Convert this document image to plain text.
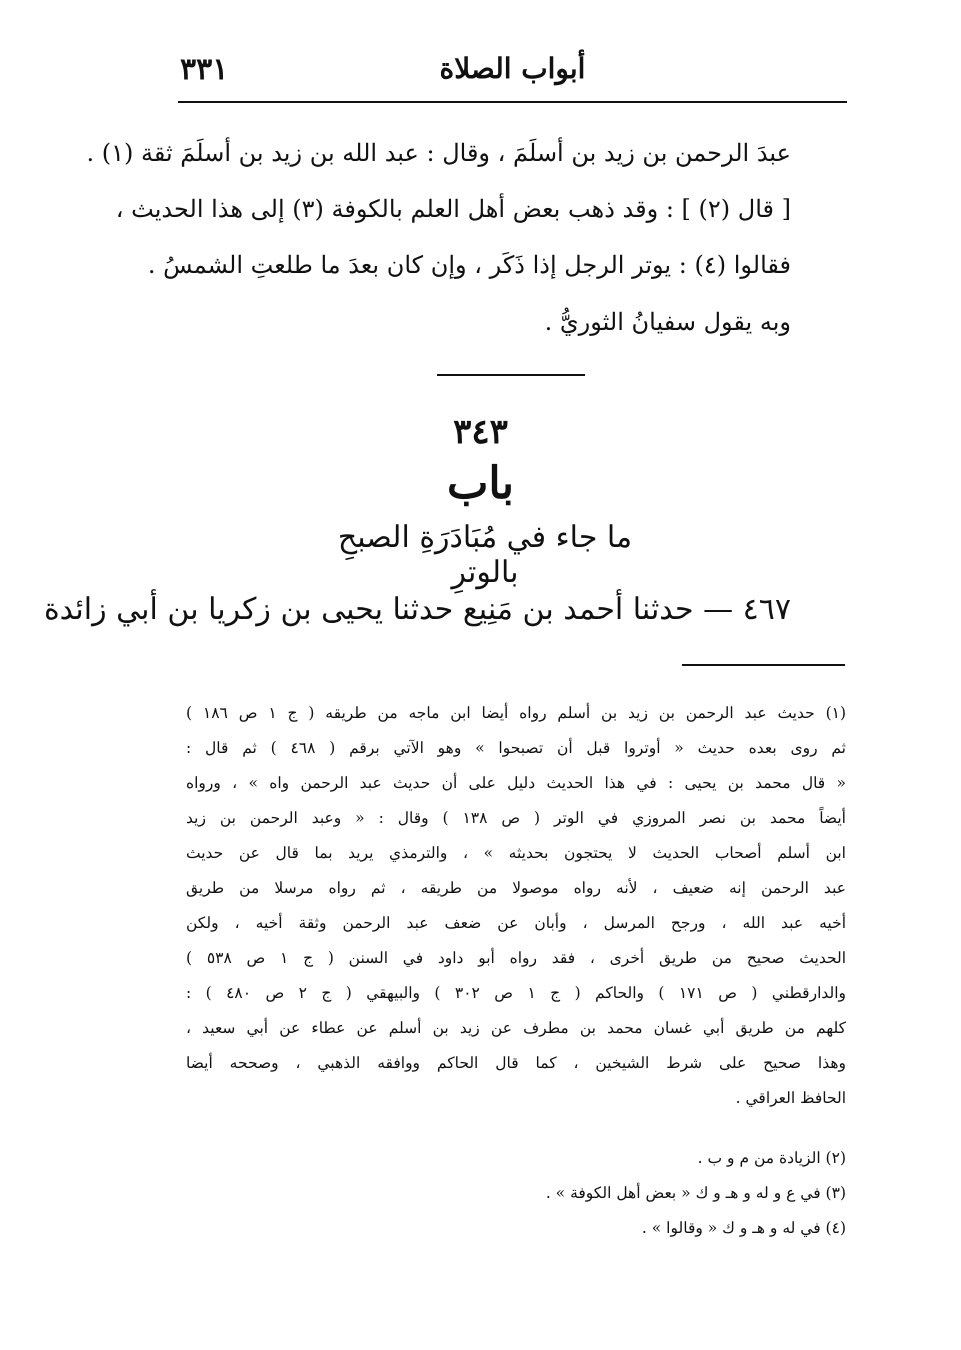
٣٣١	أبواب الصلاة
عبدَ الرحمن بن زيد بن أسلَمَ ، وقال : عبد الله بن زيد بن أسلَمَ ثقة (١) .
[ قال (٢) ] : وقد ذهب بعض أهل العلم بالكوفة (٣) إلى هذا الحديث ،
فقالوا (٤) : يوتر الرجل إذا ذَكَر ، وإن كان بعدَ ما طلعتِ الشمسُ .
وبه يقول سفيانُ الثوريُّ .
٣٤٣
باب
ما جاء في مُبَادَرَةِ الصبحِ بالوترِ
٤٦٧ — حدثنا أحمد بن مَنِيع حدثنا يحيى بن زكريا بن أبي زائدة
(١) حديث عبد الرحمن بن زيد بن أسلم رواه أيضا ابن ماجه من طريقه ( ج ١ ص ١٨٦ )
ثم روى بعده حديث « أوتروا قبل أن تصبحوا » وهو الآتي برقم ( ٤٦٨ ) ثم قال :
« قال محمد بن يحيى : في هذا الحديث دليل على أن حديث عبد الرحمن واه » ، ورواه
أيضاً محمد بن نصر المروزي في الوتر ( ص ١٣٨ ) وقال : « وعبد الرحمن بن زيد
ابن أسلم أصحاب الحديث لا يحتجون بحديثه » ، والترمذي يريد بما قال عن حديث
عبد الرحمن إنه ضعيف ، لأنه رواه موصولا من طريقه ، ثم رواه مرسلا من طريق
أخيه عبد الله ، ورجح المرسل ، وأبان عن ضعف عبد الرحمن وثقة أخيه ، ولكن
الحديث صحيح من طريق أخرى ، فقد رواه أبو داود في السنن ( ج ١ ص ٥٣٨ )
والدارقطني ( ص ١٧١ ) والحاكم ( ج ١ ص ٣٠٢ ) والبيهقي ( ج ٢ ص ٤٨٠ ) :
كلهم من طريق أبي غسان محمد بن مطرف عن زيد بن أسلم عن عطاء عن أبي سعيد ،
وهذا صحيح على شرط الشيخين ، كما قال الحاكم ووافقه الذهبي ، وصححه أيضا
الحافظ العراقي .
(٢) الزيادة من م و ب .
(٣) في ع و له و هـ و ك « بعض أهل الكوفة » .
(٤) في له و هـ و ك « وقالوا » .
